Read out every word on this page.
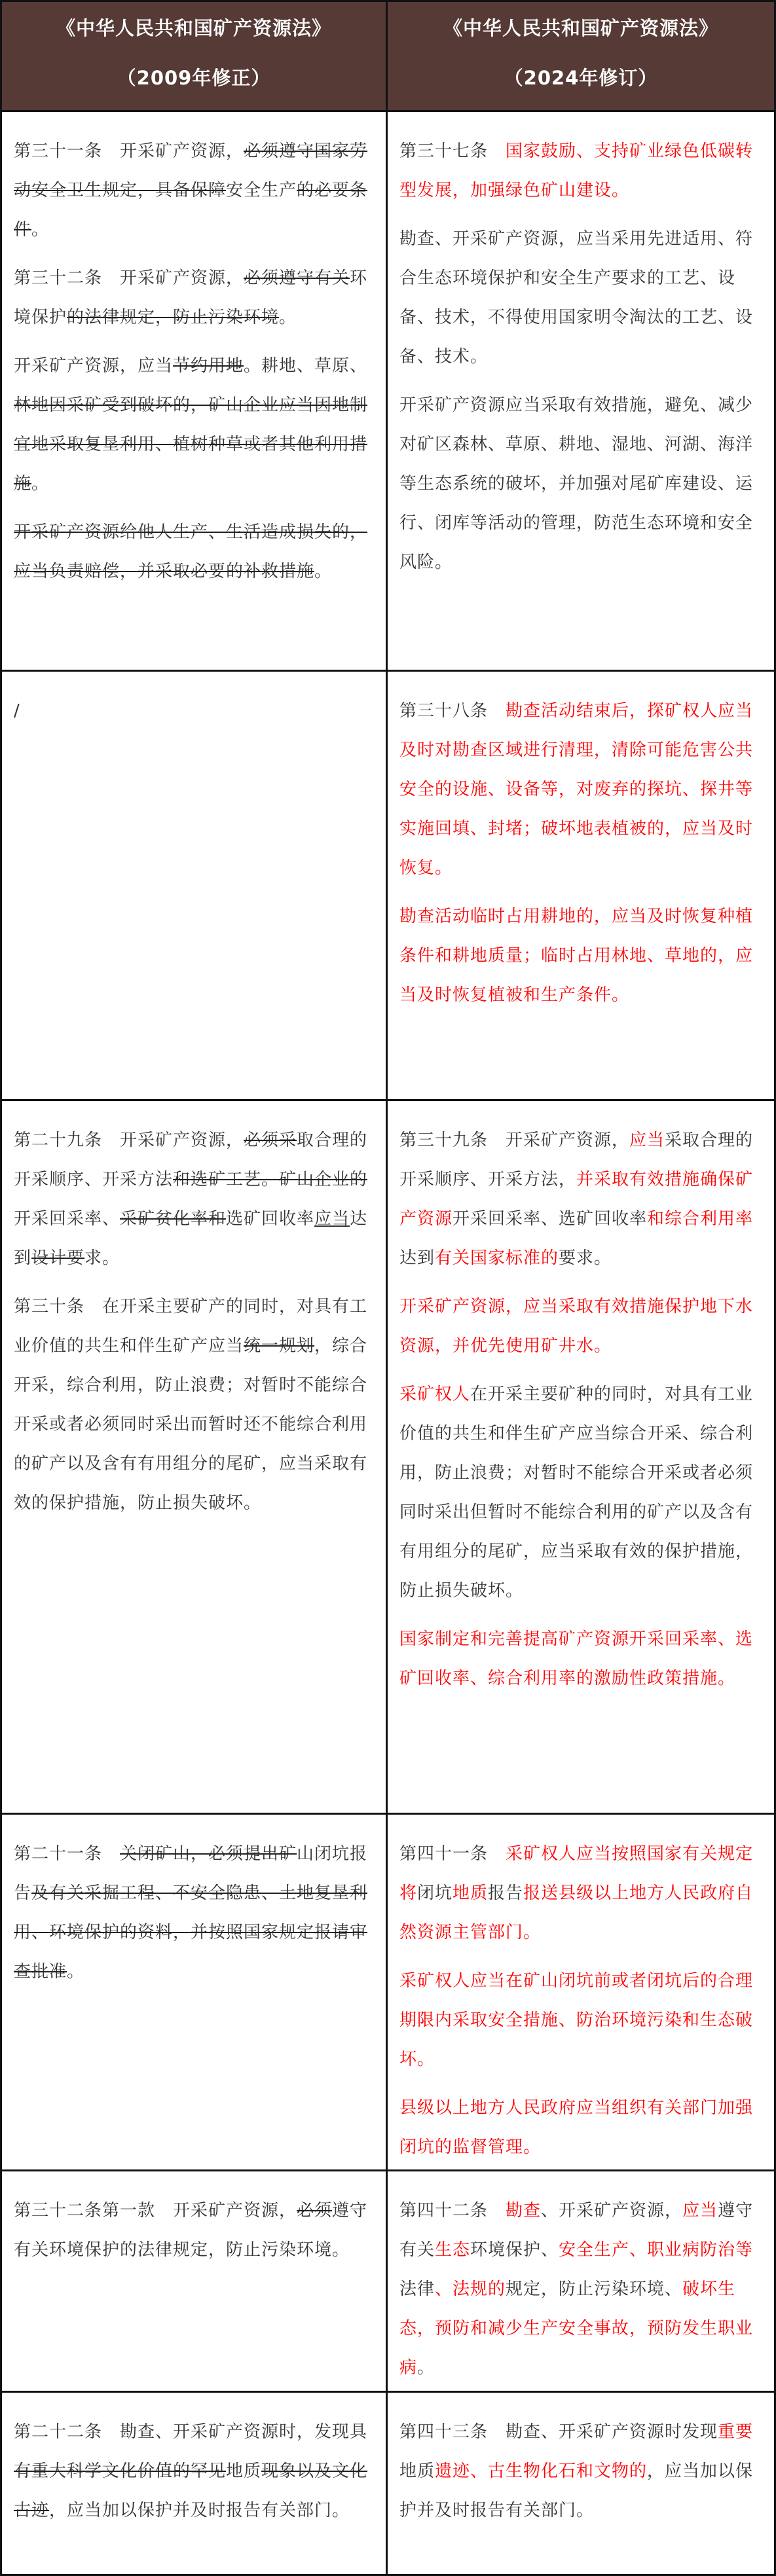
《中华人民共和国矿产资源法》
（2009年修正）
《中华人民共和国矿产资源法》
（2024年修订）

第三十一条　开采矿产资源，必须遵守国家劳动安全卫生规定，具备保障安全生产的必要条件。

第三十二条　开采矿产资源，必须遵守有关环境保护的法律规定，防止污染环境。

开采矿产资源，应当节约用地。耕地、草原、林地因采矿受到破坏的，矿山企业应当因地制宜地采取复垦利用、植树种草或者其他利用措施。

开采矿产资源给他人生产、生活造成损失的，应当负责赔偿，并采取必要的补救措施。

第三十七条　国家鼓励、支持矿业绿色低碳转型发展，加强绿色矿山建设。

勘查、开采矿产资源，应当采用先进适用、符合生态环境保护和安全生产要求的工艺、设备、技术，不得使用国家明令淘汰的工艺、设备、技术。

开采矿产资源应当采取有效措施，避免、减少对矿区森林、草原、耕地、湿地、河湖、海洋等生态系统的破坏，并加强对尾矿库建设、运行、闭库等活动的管理，防范生态环境和安全风险。

/	第三十八条　勘查活动结束后，探矿权人应当及时对勘查区域进行清理，清除可能危害公共安全的设施、设备等，对废弃的探坑、探井等实施回填、封堵；破坏地表植被的，应当及时恢复。

勘查活动临时占用耕地的，应当及时恢复种植条件和耕地质量；临时占用林地、草地的，应当及时恢复植被和生产条件。

第二十九条　开采矿产资源，必须采取合理的开采顺序、开采方法和选矿工艺。矿山企业的开采回采率、采矿贫化率和选矿回收率应当达到设计要求。

第三十条　在开采主要矿产的同时，对具有工业价值的共生和伴生矿产应当统一规划，综合开采，综合利用，防止浪费；对暂时不能综合开采或者必须同时采出而暂时还不能综合利用的矿产以及含有有用组分的尾矿，应当采取有效的保护措施，防止损失破坏。

第三十九条　开采矿产资源，应当采取合理的开采顺序、开采方法，并采取有效措施确保矿产资源开采回采率、选矿回收率和综合利用率达到有关国家标准的要求。

开采矿产资源，应当采取有效措施保护地下水资源，并优先使用矿井水。

采矿权人在开采主要矿种的同时，对具有工业价值的共生和伴生矿产应当综合开采、综合利用，防止浪费；对暂时不能综合开采或者必须同时采出但暂时不能综合利用的矿产以及含有有用组分的尾矿，应当采取有效的保护措施，防止损失破坏。

国家制定和完善提高矿产资源开采回采率、选矿回收率、综合利用率的激励性政策措施。

第二十一条　关闭矿山，必须提出矿山闭坑报告及有关采掘工程、不安全隐患、土地复垦利用、环境保护的资料，并按照国家规定报请审查批准。

第四十一条　采矿权人应当按照国家有关规定将闭坑地质报告报送县级以上地方人民政府自然资源主管部门。

采矿权人应当在矿山闭坑前或者闭坑后的合理期限内采取安全措施、防治环境污染和生态破坏。

县级以上地方人民政府应当组织有关部门加强闭坑的监督管理。

第三十二条第一款　开采矿产资源，必须遵守有关环境保护的法律规定，防止污染环境。

第四十二条　勘查、开采矿产资源，应当遵守有关生态环境保护、安全生产、职业病防治等法律、法规的规定，防止污染环境、破坏生态，预防和减少生产安全事故，预防发生职业病。

第二十二条　勘查、开采矿产资源时，发现具有重大科学文化价值的罕见地质现象以及文化古迹，应当加以保护并及时报告有关部门。

第四十三条　勘查、开采矿产资源时发现重要地质遗迹、古生物化石和文物的，应当加以保护并及时报告有关部门。
